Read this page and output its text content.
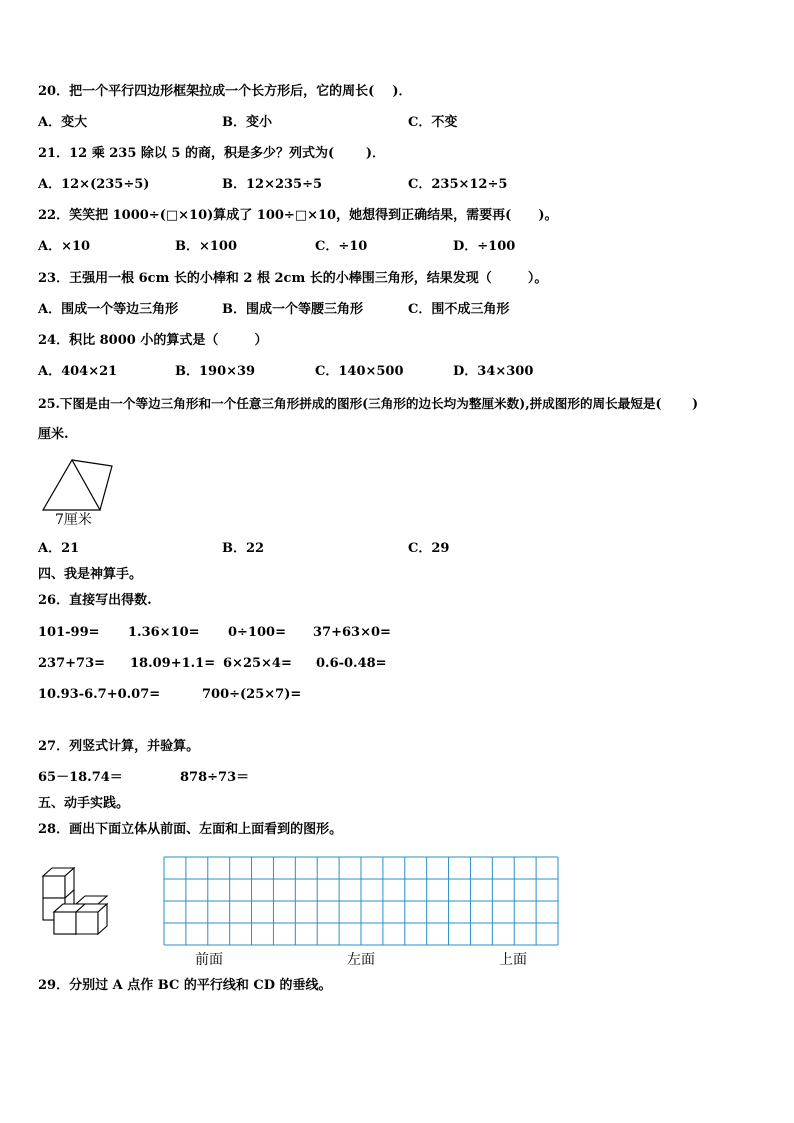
20．把一个平行四边形框架拉成一个长方形后，它的周长(    )．
A．变大	B．变小	C．不变
21．12 乘 235 除以 5 的商，积是多少？列式为(       )．
A．12×(235÷5)	B．12×235÷5	C．235×12÷5
22．笑笑把 1000÷(□×10)算成了 100÷□×10，她想得到正确结果，需要再(      )。
A．×10	B．×100	C．÷10	D．÷100
23．王强用一根 6cm 长的小棒和 2 根 2cm 长的小棒围三角形，结果发现（        ）。
A．围成一个等边三角形	B．围成一个等腰三角形	C．围不成三角形
24．积比 8000 小的算式是（        ）
A．404×21	B．190×39	C．140×500	D．34×300
25.下图是由一个等边三角形和一个任意三角形拼成的图形(三角形的边长均为整厘米数),拼成图形的周长最短是(       )
厘米.
7厘米
A．21	B．22	C．29
四、我是神算手。
26．直接写出得数.
101-99= 1.36×10= 0÷100= 37+63×0=
237+73= 18.09+1.1= 6×25×4= 0.6-0.48=
10.93-6.7+0.07=	700÷(25×7)=
27．列竖式计算，并验算。
65－18.74＝	878÷73＝
五、动手实践。
28．画出下面立体从前面、左面和上面看到的图形。
前面	左面	上面
29．分别过 A 点作 BC 的平行线和 CD 的垂线。
